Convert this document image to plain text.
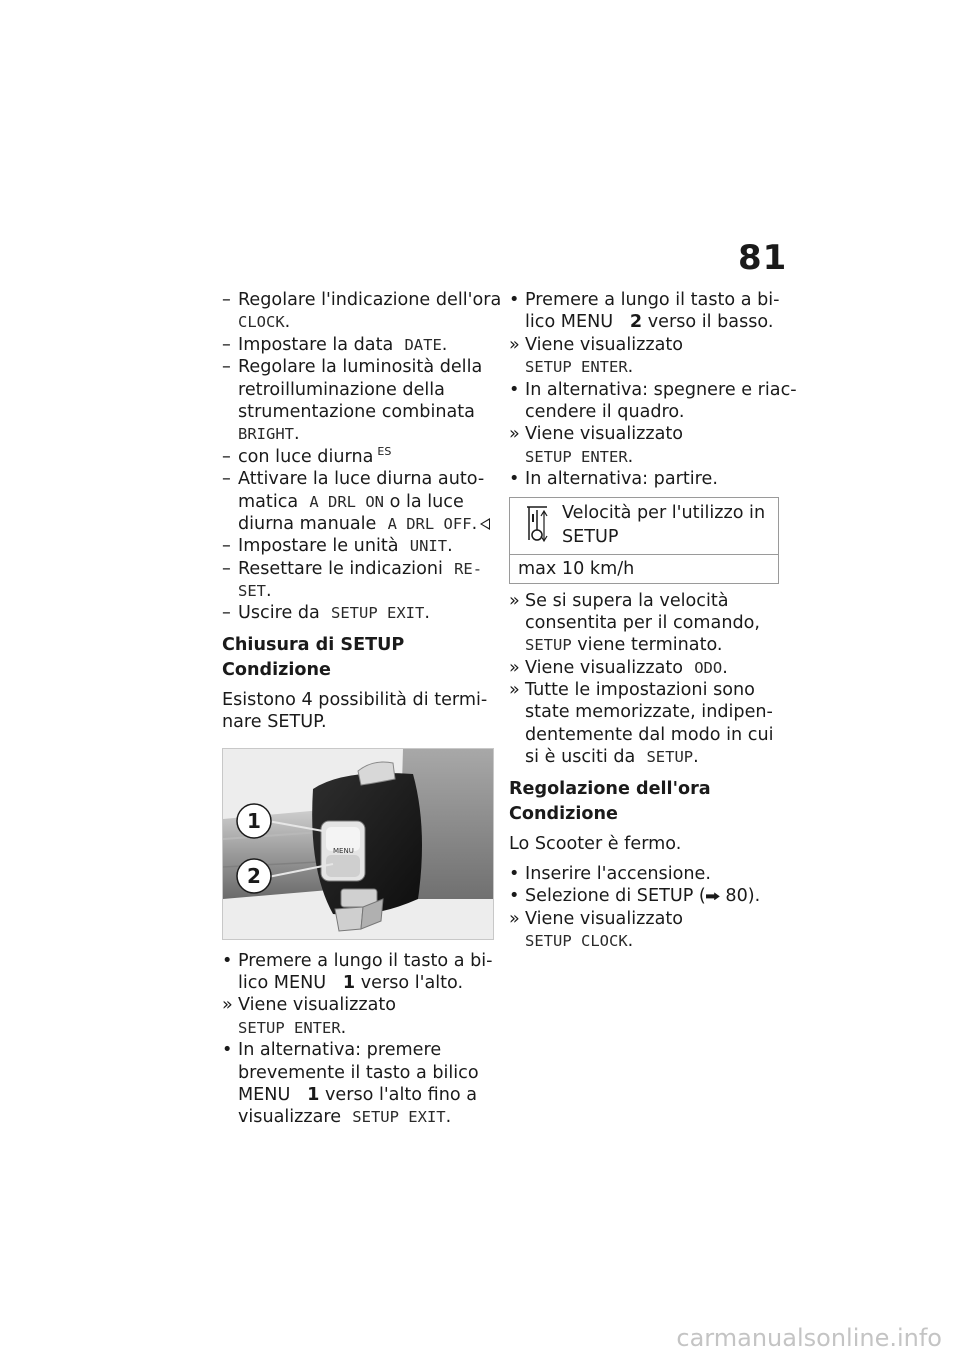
81
– Regolare l'indicazione dell'ora
CLOCK.
– Impostare la data DATE.
– Regolare la luminosità della
retroilluminazione della
strumentazione combinata
BRIGHT.
– con luce diurna $^{ES}$
– Attivare la luce diurna auto-
matica A DRL ON o la luce
diurna manuale A DRL OFF.
– Impostare le unità UNIT.
– Resettare le indicazioni RE-
SET.
– Uscire da SETUP EXIT.
Chiusura di SETUP
Condizione
Esistono 4 possibilità di termi-
nare SETUP.
MENU
1
2
• Premere a lungo il tasto a bi-
lico MENU 1 verso l'alto.
» Viene visualizzato
SETUP ENTER.
• In alternativa: premere
brevemente il tasto a bilico
MENU 1 verso l'alto fino a
visualizzare SETUP EXIT.
• Premere a lungo il tasto a bi-
lico MENU 2 verso il basso.
» Viene visualizzato
SETUP ENTER.
• In alternativa: spegnere e riac-
cendere il quadro.
» Viene visualizzato
SETUP ENTER.
• In alternativa: partire.
Velocità per l'utilizzo in
SETUP
max 10 km/h
» Se si supera la velocità
consentita per il comando,
SETUP viene terminato.
» Viene visualizzato ODO.
» Tutte le impostazioni sono
state memorizzate, indipen-
dentemente dal modo in cui
si è usciti da SETUP.
Regolazione dell'ora
Condizione
Lo Scooter è fermo.
• Inserire l'accensione.
• Selezione di SETUP ( 80).
» Viene visualizzato
SETUP CLOCK.
carmanualsonline.info
